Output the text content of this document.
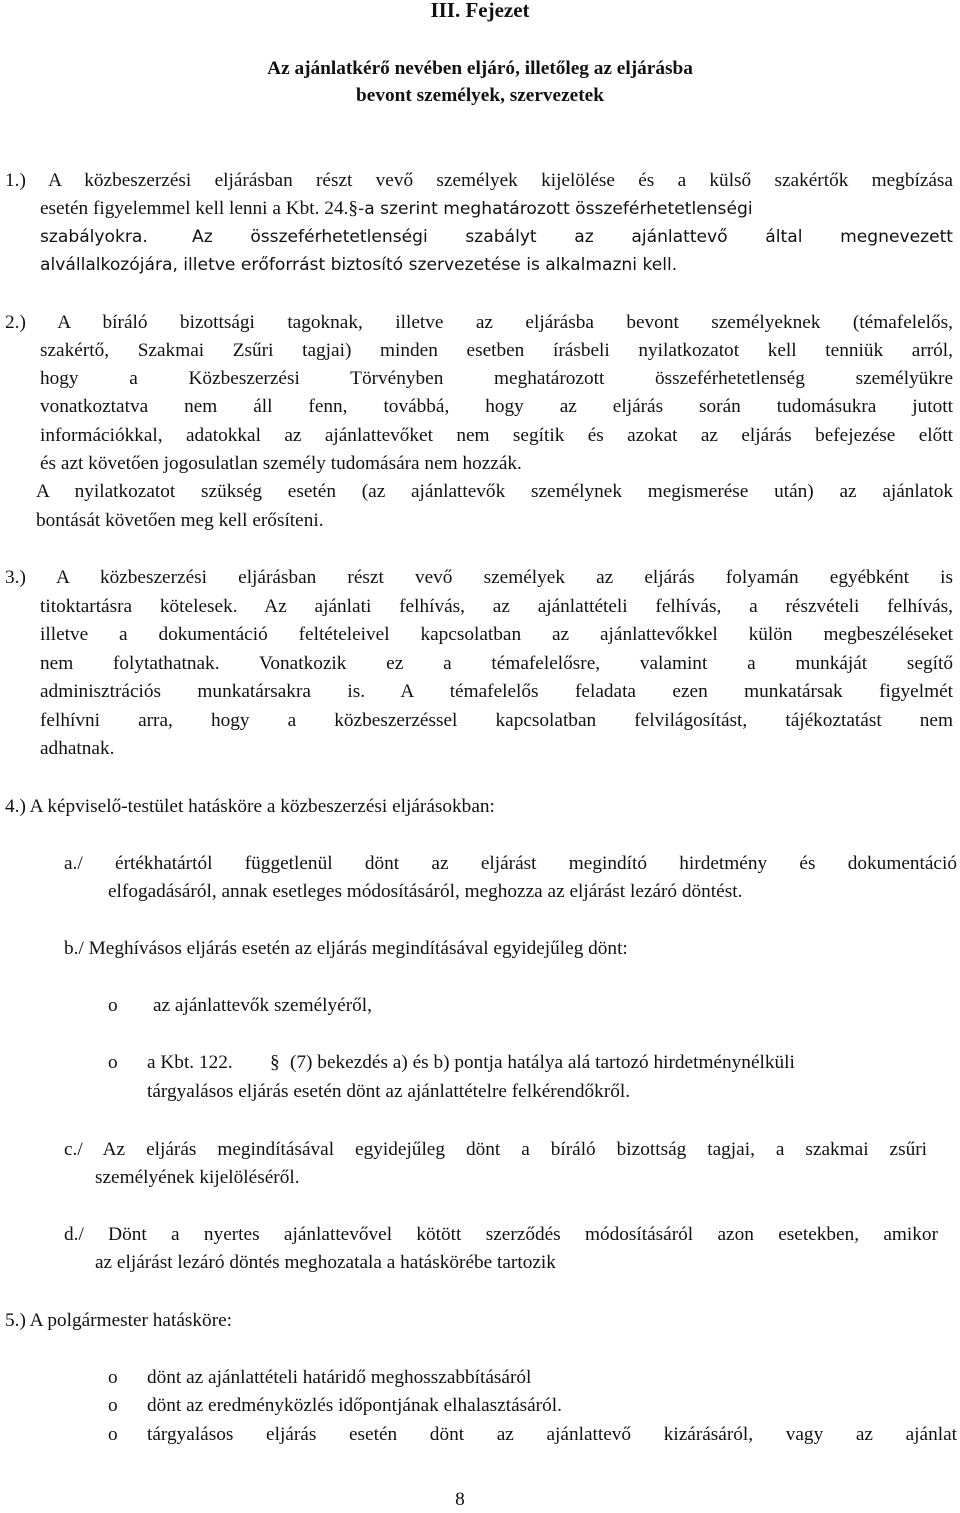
III. Fejezet
Az ajánlatkérő nevében eljáró, illetőleg az eljárásba
bevont személyek, szervezetek
1.) A közbeszerzési eljárásban részt vevő személyek kijelölése és a külső szakértők megbízása
esetén figyelemmel kell lenni a Kbt. 24.§-a szerint meghatározott összeférhetetlenségi
szabályokra.	Az összeférhetetlenségi szabályt az ajánlattevő által megnevezett
alvállalkozójára, illetve erőforrást biztosító szervezetése is alkalmazni kell.
2.) A bíráló bizottsági tagoknak, illetve az eljárásba bevont személyeknek (témafelelős,
szakértő, Szakmai Zsűri tagjai) minden esetben írásbeli nyilatkozatot kell tenniük arról,
hogy a Közbeszerzési Törvényben meghatározott összeférhetetlenség személyükre
vonatkoztatva nem áll fenn, továbbá, hogy az eljárás során tudomásukra jutott
információkkal, adatokkal az ajánlattevőket nem segítik és azokat az eljárás befejezése előtt
és azt követően jogosulatlan személy tudomására nem hozzák.
A nyilatkozatot szükség esetén (az ajánlattevők személynek megismerése után) az ajánlatok
bontását követően meg kell erősíteni.
3.) A közbeszerzési eljárásban részt vevő személyek az eljárás folyamán egyébként is
titoktartásra kötelesek. Az ajánlati felhívás, az ajánlattételi felhívás, a részvételi felhívás,
illetve a dokumentáció feltételeivel kapcsolatban az ajánlattevőkkel külön megbeszéléseket
nem folytathatnak. Vonatkozik ez a témafelelősre, valamint a munkáját segítő
adminisztrációs munkatársakra is. A témafelelős feladata ezen munkatársak figyelmét
felhívni arra, hogy a közbeszerzéssel kapcsolatban felvilágosítást, tájékoztatást nem
adhatnak.
4.) A képviselő-testület hatásköre a közbeszerzési eljárásokban:
a./ értékhatártól függetlenül dönt az eljárást megindító hirdetmény és dokumentáció
elfogadásáról, annak esetleges módosításáról, meghozza az eljárást lezáró döntést.
b./ Meghívásos eljárás esetén az eljárás megindításával egyidejűleg dönt:
o az ajánlattevők személyéről,
o a Kbt. 122. § (7) bekezdés a) és b) pontja hatálya alá tartozó hirdetménynélküli
tárgyalásos eljárás esetén dönt az ajánlattételre felkérendőkről.
c./ Az eljárás megindításával egyidejűleg dönt a bíráló bizottság tagjai, a szakmai zsűri
személyének kijelöléséről.
d./ Dönt a nyertes ajánlattevővel kötött szerződés módosításáról azon esetekben, amikor
az eljárást lezáró döntés meghozatala a hatáskörébe tartozik
5.) A polgármester hatásköre:
o dönt az ajánlattételi határidő meghosszabbításáról
o dönt az eredményközlés időpontjának elhalasztásáról.
o tárgyalásos eljárás esetén dönt az ajánlattevő kizárásáról, vagy az ajánlat
8
